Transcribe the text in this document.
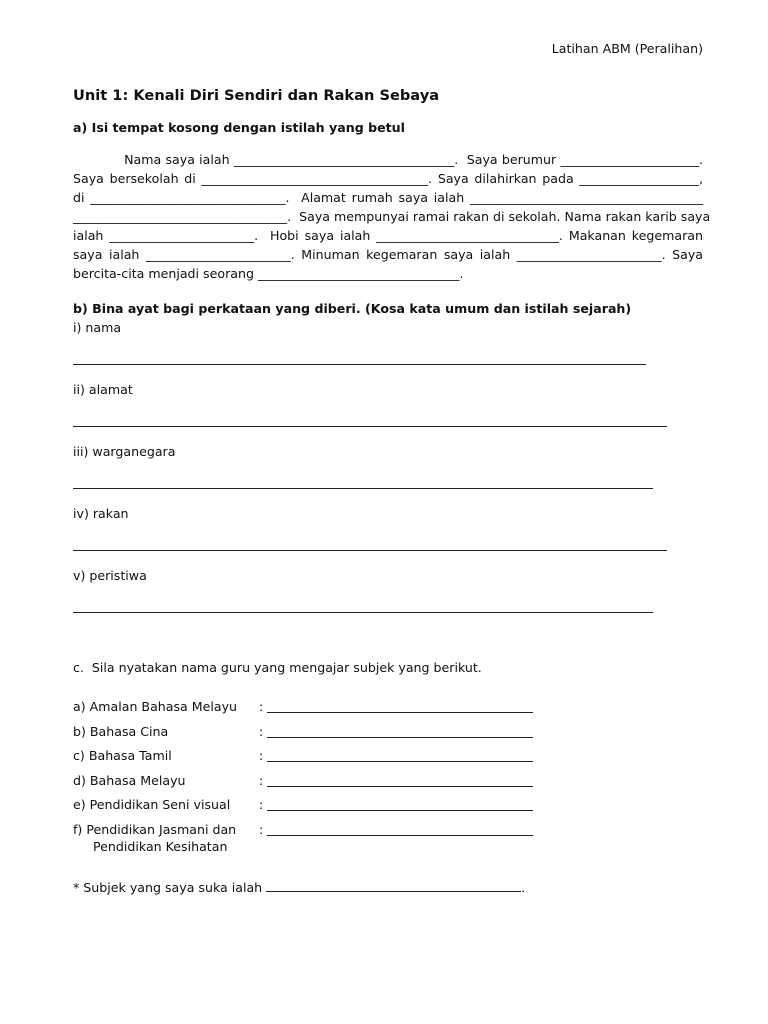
Latihan ABM (Peralihan)
Unit 1: Kenali Diri Sendiri dan Rakan Sebaya
a) Isi tempat kosong dengan istilah yang betul
Nama saya ialah ___________________________________.  Saya berumur ______________________.
Saya bersekolah di ____________________________________. Saya dilahirkan pada ___________________,
di _______________________________.  Alamat rumah saya ialah _____________________________________
__________________________________.  Saya mempunyai ramai rakan di sekolah. Nama rakan karib saya
ialah _______________________.  Hobi saya ialah _____________________________. Makanan kegemaran
saya ialah _______________________. Minuman kegemaran saya ialah _______________________. Saya
bercita-cita menjadi seorang ________________________________.
b) Bina ayat bagi perkataan yang diberi. (Kosa kata umum dan istilah sejarah)
i) nama
ii) alamat
iii) warganegara
iv) rakan
v) peristiwa
c.  Sila nyatakan nama guru yang mengajar subjek yang berikut.
a) Amalan Bahasa Melayu :
b) Bahasa Cina	:
c) Bahasa Tamil	:
d) Bahasa Melayu	:
e) Pendidikan Seni visual :
f) Pendidikan Jasmani dan
Pendidikan Kesihatan:
* Subjek yang saya suka ialah	.
